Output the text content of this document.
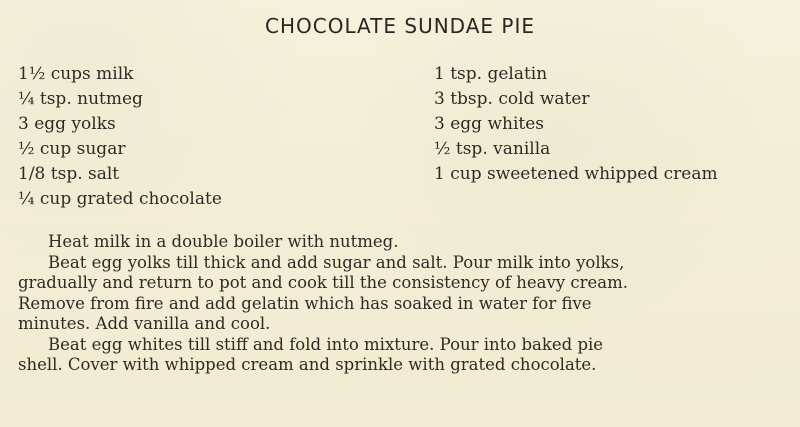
CHOCOLATE SUNDAE PIE
1½ cups milk
¼ tsp. nutmeg
3 egg yolks
½ cup sugar
1/8 tsp. salt
¼ cup grated chocolate
1 tsp. gelatin
3 tbsp. cold water
3 egg whites
½ tsp. vanilla
1 cup sweetened whipped cream

Heat milk in a double boiler with nutmeg.

Beat egg yolks till thick and add sugar and salt. Pour milk into yolks,

gradually and return to pot and cook till the consistency of heavy cream.

Remove from fire and add gelatin which has soaked in water for five

minutes. Add vanilla and cool.

Beat egg whites till stiff and fold into mixture. Pour into baked pie

shell. Cover with whipped cream and sprinkle with grated chocolate.
